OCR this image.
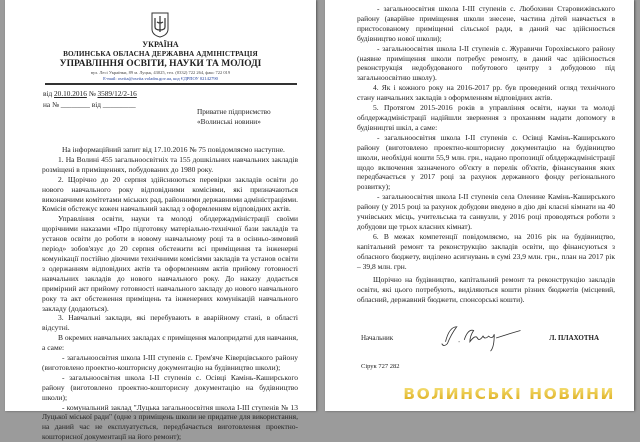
УКРАЇНА
ВОЛИНСЬКА ОБЛАСНА ДЕРЖАВНА АДМІНІСТРАЦІЯ
УПРАВЛІННЯ ОСВІТИ, НАУКИ ТА МОЛОДІ
вул. Лесі Українки, 89 м. Луцьк, 43025, тел. (0332) 722 264, факс 722 019
E-mail: osvita@osvita.voladm.gov.ua, код ЄДРПОУ 02142790
від 20.10.2016 № 3589/12/2-16
на № ________ від _________
Приватне підприємство
«Волинські новини»

На інформаційний запит від 17.10.2016 № 75 повідомляємо наступне.

1. На Волині 455 загальноосвітніх та 155 дошкільних навчальних закладів розміщені в приміщеннях, побудованих до 1980 року.

2. Щорічно до 20 серпня здійснюються перевірки закладів освіти до нового навчального року відповідними комісіями, які призначаються виконавчими комітетами міських рад, районними державними адміністраціями. Комісія обстежує кожен навчальний заклад з оформленням відповідних актів.

Управління освіти, науки та молоді облдержадміністрації своїми щорічними наказами «Про підготовку матеріально-технічної бази закладів та установ освіти до роботи в новому навчальному році та в осінньо-зимовий період» зобов'язує до 20 серпня обстежити всі приміщення та інженерні комунікації постійно діючими технічними комісіями закладів та установ освіти з одержанням відповідних актів та оформленням актів прийому готовності навчальних закладів до нового навчального року. До наказу додається примірний акт прийому готовності навчального закладу до нового навчального року та акт обстеження приміщень та інженерних комунікацій навчального закладу (додаються).

3. Навчальні заклади, які перебувають в аварійному стані, в області відсутні.

В окремих навчальних закладах є приміщення малопридатні для навчання, а саме:

- загальноосвітня школа І-ІІІ ступенів с. Грем'яче Ківерцівського району (виготовлено проектно-кошторисну документацію на будівництво школи);

- загальноосвітня школа І-ІІ ступенів с. Осівці Камінь-Каширського району (виготовлено проектно-кошторисну документацію на будівництво школи);

- комунальний заклад "Луцька загальноосвітня школа І-ІІІ ступенів № 13 Луцької міської ради" (одне з приміщень школи не придатне для використання, на даний час не експлуатується, передбачається виготовлення проектно-кошторисної документації на його ремонт);

- загальноосвітня школа І-ІІІ ступенів с. Любохини Старовижівського району (аварійне приміщення школи знесене, частина дітей навчається в пристосованому приміщенні сільської ради, в даний час здійснюється будівництво нової школи);

- загальноосвітня школа І-ІІ ступенів с. Журавичи Горохівського району (наявне приміщення школи потребує ремонту, в даний час здійснюється реконструкція недобудованого побутового центру з добудовою під загальноосвітню школу).

4. Як і кожного року на 2016-2017 рр. був проведений огляд технічного стану навчальних закладів з оформленням відповідних актів.

5. Протягом 2015-2016 років в управління освіти, науки та молоді облдержадміністрації надійшли звернення з проханням надати допомогу в будівництві шкіл, а саме:

- загальноосвітня школа І-ІІ ступенів с. Осівці Камінь-Каширського району (виготовлено проектно-кошторисну документацію на будівництво школи, необхідні кошти 55,9 млн. грн., надано пропозиції облдержадміністрації щодо включення зазначеного об'єкту в перелік об'єктів, фінансування яких передбачається у 2017 році за рахунок державного фонду регіонального розвитку);

- загальноосвітня школа І-ІІ ступенів села Оленине Камінь-Каширського району (у 2015 році за рахунок добудови введено в дію дві класні кімнати на 40 учнівських місць, учительська та санвузли, у 2016 році проводяться роботи з добудови ще трьох класних кімнат).

6. В межах компетенції повідомляємо, на 2016 рік на будівництво, капітальний ремонт та реконструкцію закладів освіти, що фінансуються з обласного бюджету, виділено асигнувань в сумі 23,9 млн. грн., план на 2017 рік – 39,8 млн. грн.

Щорічно на будівництво, капітальний ремонт та реконструкцію закладів освіти, які цього потребують, виділяються кошти різних бюджетів (місцевий, обласний, державний бюджети, спонсорські кошти).

Начальник	Л. ПЛАХОТНА
Сірук 727 282
ВОЛИНСЬКІ НОВИНИ
